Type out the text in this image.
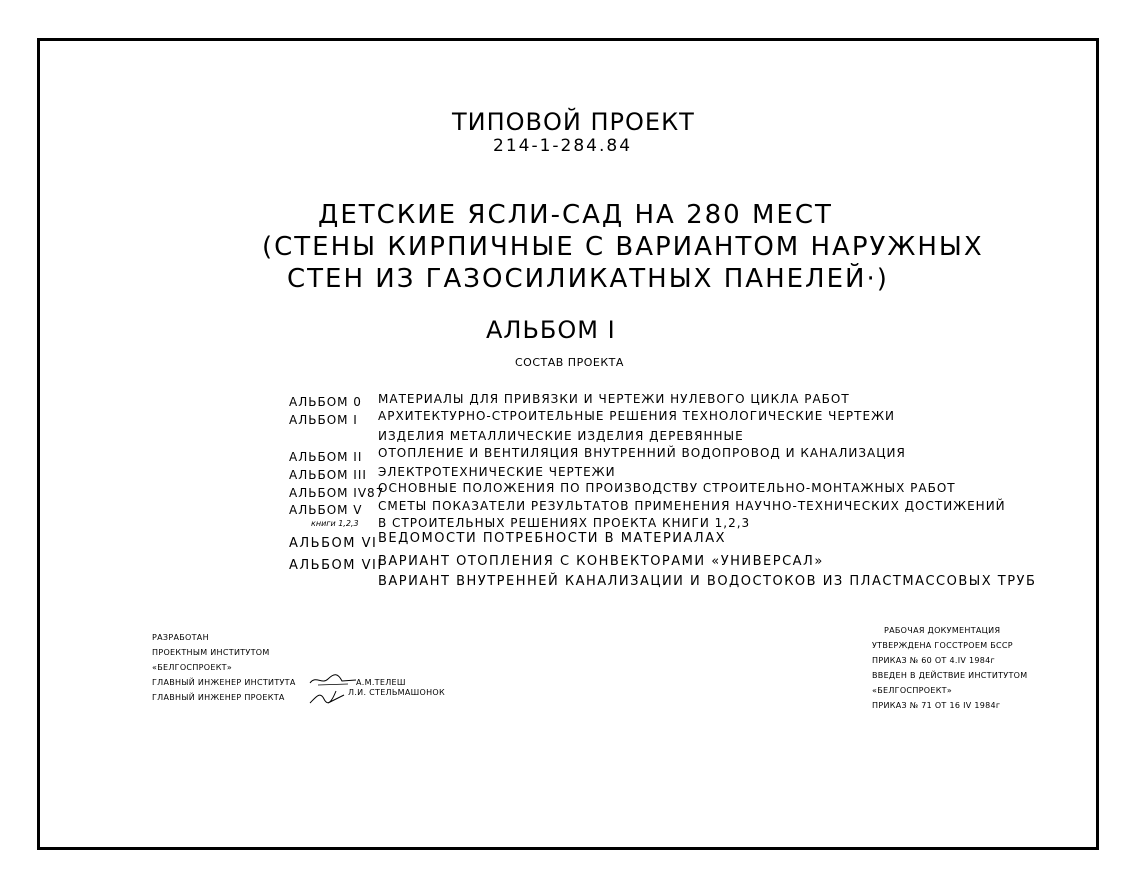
ТИПОВОЙ ПРОЕКТ
214-1-284.84
ДЕТСКИЕ ЯСЛИ-САД НА 280 МЕСТ
(СТЕНЫ КИРПИЧНЫЕ С ВАРИАНТОМ НАРУЖНЫХ
СТЕН ИЗ ГАЗОСИЛИКАТНЫХ ПАНЕЛЕЙ·)
АЛЬБОМ I
СОСТАВ ПРОЕКТА
АЛЬБОМ 0 МАТЕРИАЛЫ ДЛЯ ПРИВЯЗКИ И ЧЕРТЕЖИ НУЛЕВОГО ЦИКЛА РАБОТ
АЛЬБОМ I АРХИТЕКТУРНО-СТРОИТЕЛЬНЫЕ РЕШЕНИЯ ТЕХНОЛОГИЧЕСКИЕ ЧЕРТЕЖИ
ИЗДЕЛИЯ МЕТАЛЛИЧЕСКИЕ ИЗДЕЛИЯ ДЕРЕВЯННЫЕ
АЛЬБОМ II ОТОПЛЕНИЕ И ВЕНТИЛЯЦИЯ ВНУТРЕННИЙ ВОДОПРОВОД И КАНАЛИЗАЦИЯ
АЛЬБОМ III ЭЛЕКТРОТЕХНИЧЕСКИЕ ЧЕРТЕЖИ
АЛЬБОМ IV87
ОСНОВНЫЕ ПОЛОЖЕНИЯ ПО ПРОИЗВОДСТВУ СТРОИТЕЛЬНО-МОНТАЖНЫХ РАБОТ
АЛЬБОМ V СМЕТЫ ПОКАЗАТЕЛИ РЕЗУЛЬТАТОВ ПРИМЕНЕНИЯ НАУЧНО-ТЕХНИЧЕСКИХ ДОСТИЖЕНИЙ
книги 1,2,3 В СТРОИТЕЛЬНЫХ РЕШЕНИЯХ ПРОЕКТА КНИГИ 1,2,3
АЛЬБОМ VI ВЕДОМОСТИ ПОТРЕБНОСТИ В МАТЕРИАЛАХ
АЛЬБОМ VII
ВАРИАНТ ОТОПЛЕНИЯ С КОНВЕКТОРАМИ «УНИВЕРСАЛ»
ВАРИАНТ ВНУТРЕННЕЙ КАНАЛИЗАЦИИ И ВОДОСТОКОВ ИЗ ПЛАСТМАССОВЫХ ТРУБ
РАЗРАБОТАН
ПРОЕКТНЫМ ИНСТИТУТОМ
«БЕЛГОСПРОЕКТ»
ГЛАВНЫЙ ИНЖЕНЕР ИНСТИТУТА	А.М.ТЕЛЕШ
ГЛАВНЫЙ ИНЖЕНЕР ПРОЕКТА
Л.И. СТЕЛЬМАШОНОК
РАБОЧАЯ ДОКУМЕНТАЦИЯ
УТВЕРЖДЕНА ГОССТРОЕМ БССР
ПРИКАЗ № 60 ОТ 4.IV 1984г
ВВЕДЕН В ДЕЙСТВИЕ ИНСТИТУТОМ
«БЕЛГОСПРОЕКТ»
ПРИКАЗ № 71 ОТ 16 IV 1984г
